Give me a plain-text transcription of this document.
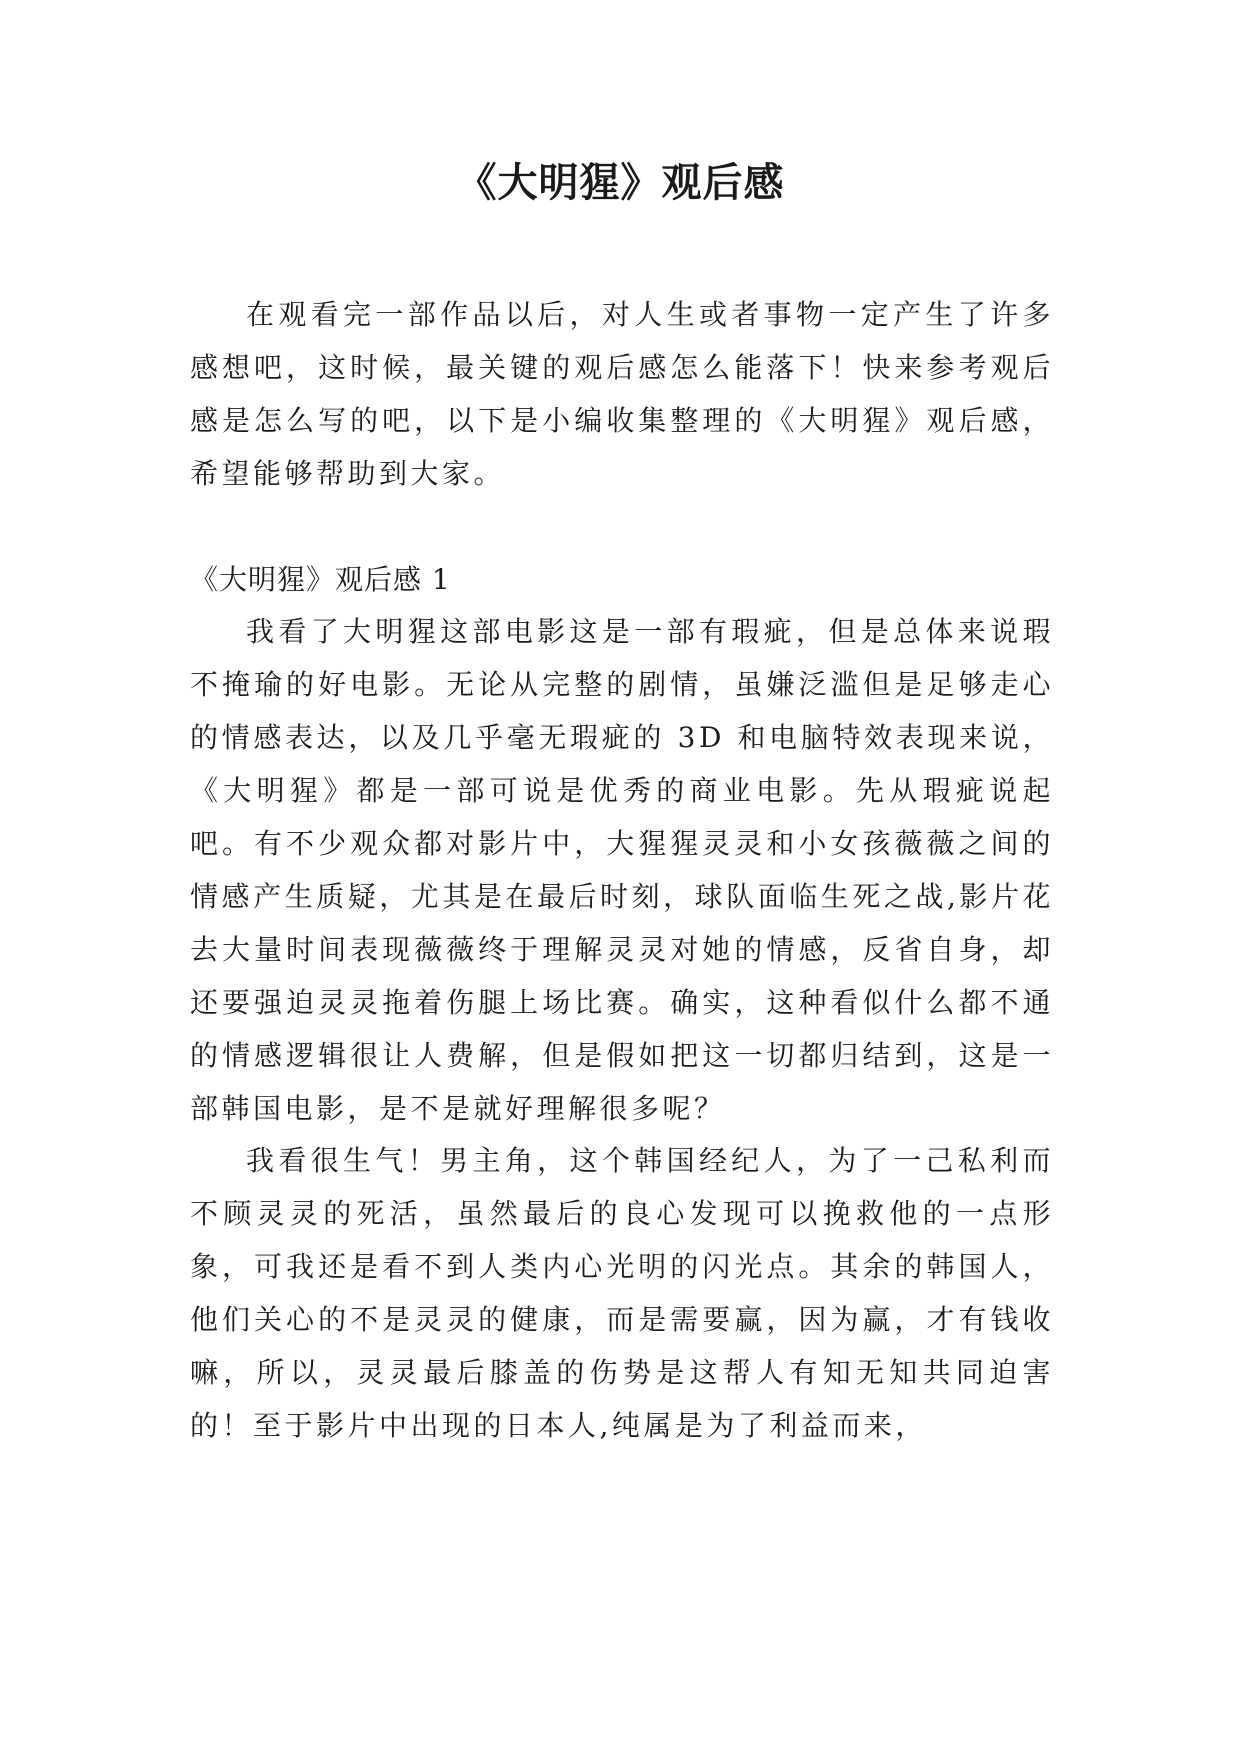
《大明猩》观后感

在观看完一部作品以后，对人生或者事物一定产生了许多感想吧，这时候，最关键的观后感怎么能落下！快来参考观后感是怎么写的吧，以下是小编收集整理的《大明猩》观后感，希望能够帮助到大家。

《大明猩》观后感 1

我看了大明猩这部电影这是一部有瑕疵，但是总体来说瑕不掩瑜的好电影。无论从完整的剧情，虽嫌泛滥但是足够走心的情感表达，以及几乎毫无瑕疵的 3D 和电脑特效表现来说，《大明猩》都是一部可说是优秀的商业电影。先从瑕疵说起吧。有不少观众都对影片中，大猩猩灵灵和小女孩薇薇之间的情感产生质疑，尤其是在最后时刻，球队面临生死之战,影片花去大量时间表现薇薇终于理解灵灵对她的情感，反省自身，却还要强迫灵灵拖着伤腿上场比赛。确实，这种看似什么都不通的情感逻辑很让人费解，但是假如把这一切都归结到，这是一部韩国电影，是不是就好理解很多呢？

我看很生气！男主角，这个韩国经纪人，为了一己私利而不顾灵灵的死活，虽然最后的良心发现可以挽救他的一点形象，可我还是看不到人类内心光明的闪光点。其余的韩国人，他们关心的不是灵灵的健康，而是需要赢，因为赢，才有钱收嘛，所以，灵灵最后膝盖的伤势是这帮人有知无知共同迫害的！至于影片中出现的日本人,纯属是为了利益而来，
